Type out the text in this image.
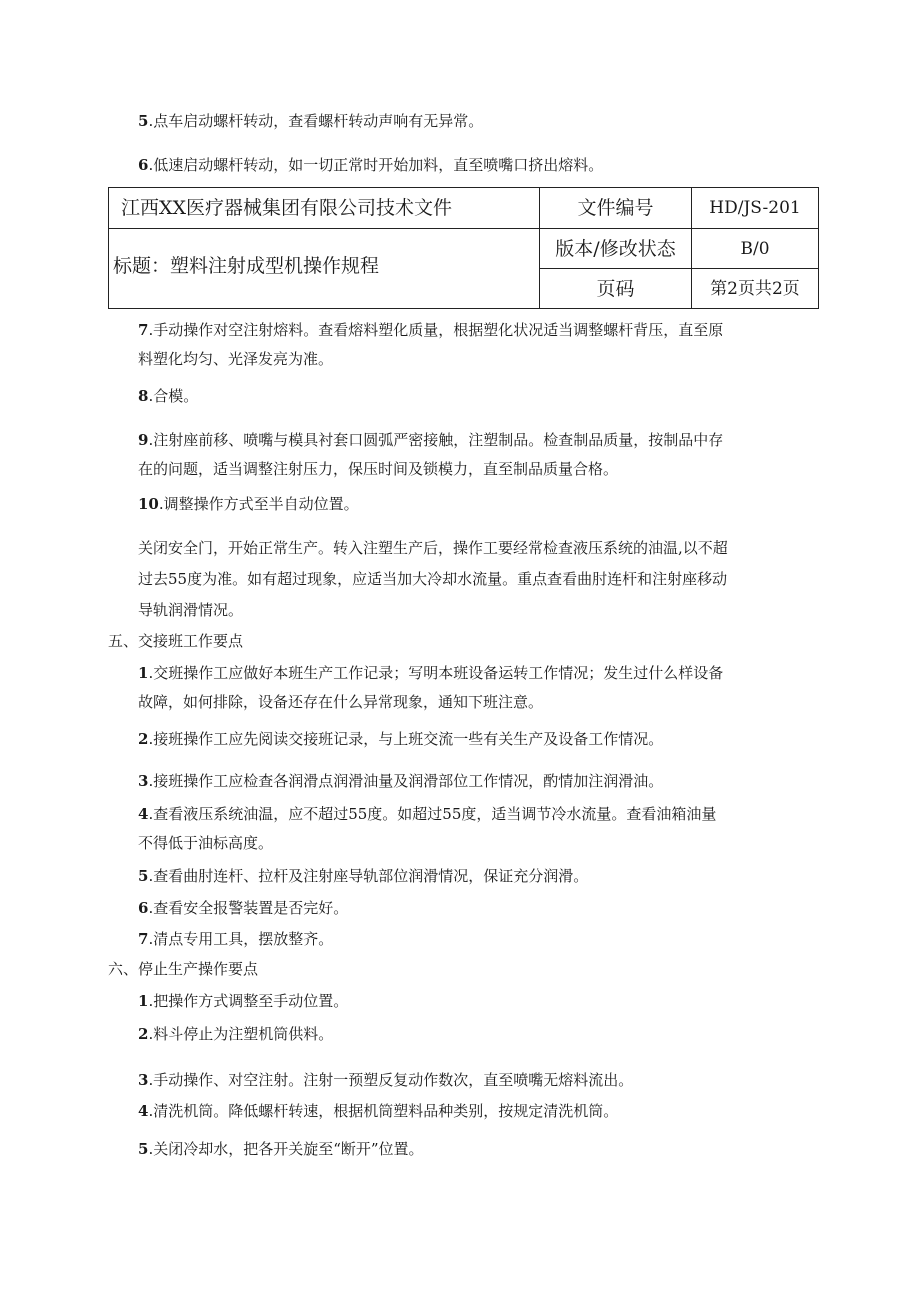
5.点车启动螺杆转动，查看螺杆转动声响有无异常。
6.低速启动螺杆转动，如一切正常时开始加料，直至喷嘴口挤出熔料。
江西XX医疗器械集团有限公司技术文件	文件编号	HD/JS-201
标题：塑料注射成型机操作规程	版本/修改状态	B/0
	页码	第2页共2页
7.手动操作对空注射熔料。查看熔料塑化质量，根据塑化状况适当调整螺杆背压，直至原
料塑化均匀、光泽发亮为准。
8.合模。
9.注射座前移、喷嘴与模具衬套口圆弧严密接触，注塑制品。检查制品质量，按制品中存
在的问题，适当调整注射压力，保压时间及锁模力，直至制品质量合格。
10.调整操作方式至半自动位置。
关闭安全门，开始正常生产。转入注塑生产后，操作工要经常检查液压系统的油温,以不超
过去55度为准。如有超过现象，应适当加大冷却水流量。重点查看曲肘连杆和注射座移动
导轨润滑情况。
五、交接班工作要点
1.交班操作工应做好本班生产工作记录；写明本班设备运转工作情况；发生过什么样设备
故障，如何排除，设备还存在什么异常现象，通知下班注意。
2.接班操作工应先阅读交接班记录，与上班交流一些有关生产及设备工作情况。
3.接班操作工应检查各润滑点润滑油量及润滑部位工作情况，酌情加注润滑油。
4.查看液压系统油温，应不超过55度。如超过55度，适当调节冷水流量。查看油箱油量
不得低于油标高度。
5.查看曲肘连杆、拉杆及注射座导轨部位润滑情况，保证充分润滑。
6.查看安全报警装置是否完好。
7.清点专用工具，摆放整齐。
六、停止生产操作要点
1.把操作方式调整至手动位置。
2.料斗停止为注塑机筒供料。
3.手动操作、对空注射。注射一预塑反复动作数次，直至喷嘴无熔料流出。
4.清洗机筒。降低螺杆转速，根据机筒塑料品种类别，按规定清洗机筒。
5.关闭冷却水，把各开关旋至“断开”位置。
